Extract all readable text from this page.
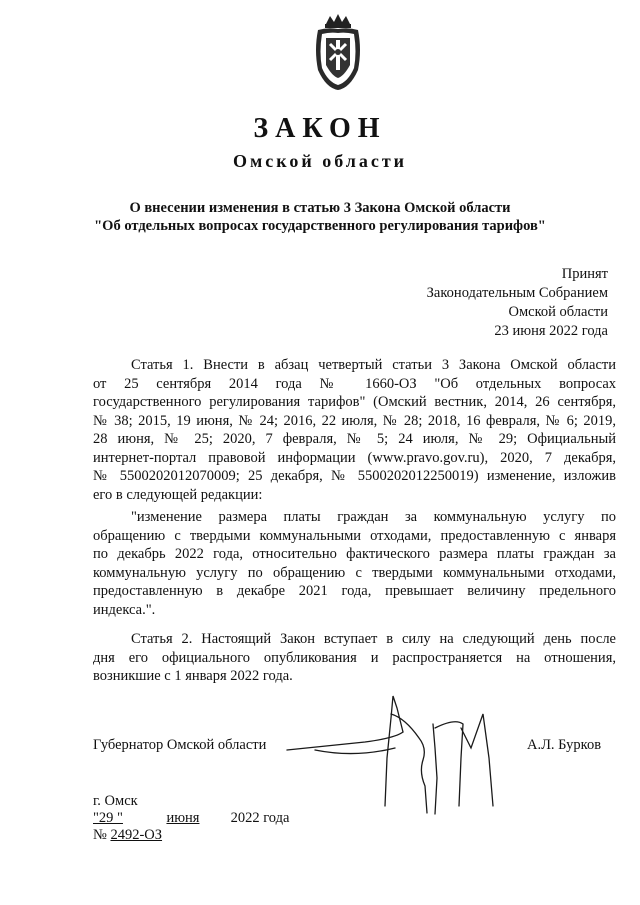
ЗАКОН
Омской области
О внесении изменения в статью 3 Закона Омской области
"Об отдельных вопросах государственного регулирования тарифов"
Принят
Законодательным Собранием
Омской области
23 июня 2022 года
Статья 1. Внести в абзац четвертый статьи 3 Закона Омской области
от 25 сентября 2014 года № 1660-ОЗ "Об отдельных вопросах
государственного регулирования тарифов" (Омский вестник, 2014, 26 сентября,
№ 38; 2015, 19 июня, № 24; 2016, 22 июля, № 28; 2018, 16 февраля, № 6; 2019,
28 июня, № 25; 2020, 7 февраля, № 5; 24 июля, № 29; Официальный
интернет-портал правовой информации (www.pravo.gov.ru), 2020, 7 декабря,
№ 5500202012070009; 25 декабря, № 5500202012250019) изменение, изложив
его в следующей редакции:
"изменение размера платы граждан за коммунальную услугу по
обращению с твердыми коммунальными отходами, предоставленную с января
по декабрь 2022 года, относительно фактического размера платы граждан за
коммунальную услугу по обращению с твердыми коммунальными отходами,
предоставленную в декабре 2021 года, превышает величину предельного
индекса.".
Статья 2. Настоящий Закон вступает в силу на следующий день после
дня его официального опубликования и распространяется на отношения,
возникшие с 1 января 2022 года.
Губернатор Омской области	А.Л. Бурков
г. Омск
"29 "	июня 2022 года
№ 2492-ОЗ
